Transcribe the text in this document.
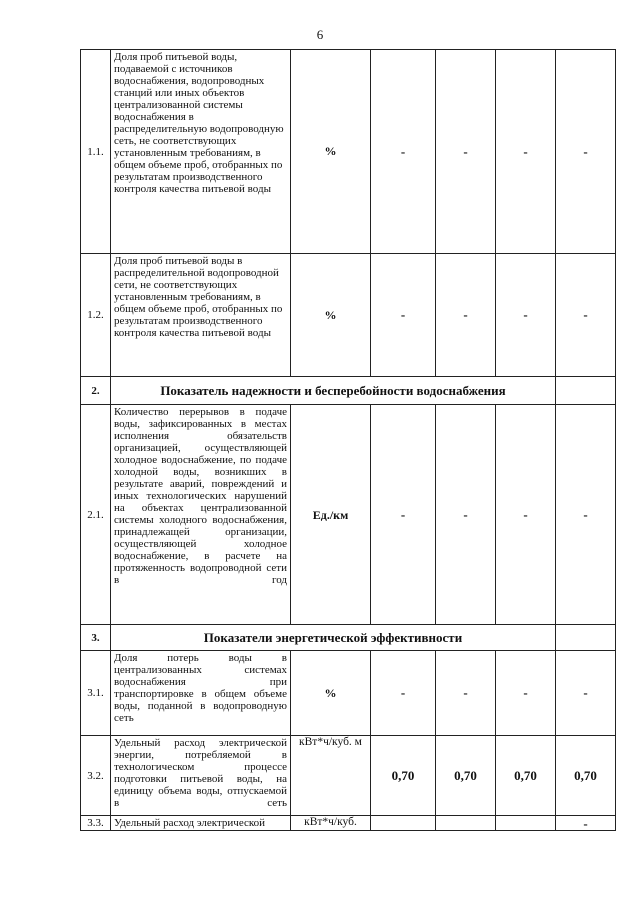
6
1.1.	Доля проб питьевой воды, подаваемой с источников водоснабжения, водопроводных станций или иных объектов централизованной системы водоснабжения в распределительную водопроводную сеть, не соответствующих установленным требованиям, в общем объеме проб, отобранных по результатам производственного контроля качества питьевой воды	%	-	-	-	-
1.2.	Доля проб питьевой воды в распределительной водопроводной сети, не соответствующих установленным требованиям, в общем объеме проб, отобранных по результатам производственного контроля качества питьевой воды	%	-	-	-	-
2.	Показатель надежности и бесперебойности водоснабжения					
2.1.	Количество перерывов в подаче воды, зафиксированных в местах исполнения обязательств организацией, осуществляющей холодное водоснабжение, по подаче холодной воды, возникших в результате аварий, повреждений и иных технологических нарушений на объектах централизованной системы холодного водоснабжения, принадлежащей организации, осуществляющей холодное водоснабжение, в расчете на протяженность водопроводной сети в год	Ед./км	-	-	-	-
3.	Показатели энергетической эффективности					
3.1.	Доля потерь воды в централизованных системах водоснабжения при транспортировке в общем объеме воды, поданной в водопроводную сеть	%	-	-	-	-
3.2.	Удельный расход электрической энергии, потребляемой в технологическом процессе подготовки питьевой воды, на единицу объема воды, отпускаемой в сеть	кВт*ч/куб. м	0,70	0,70	0,70	0,70
3.3.	Удельный расход электрической	кВт*ч/куб.				-
